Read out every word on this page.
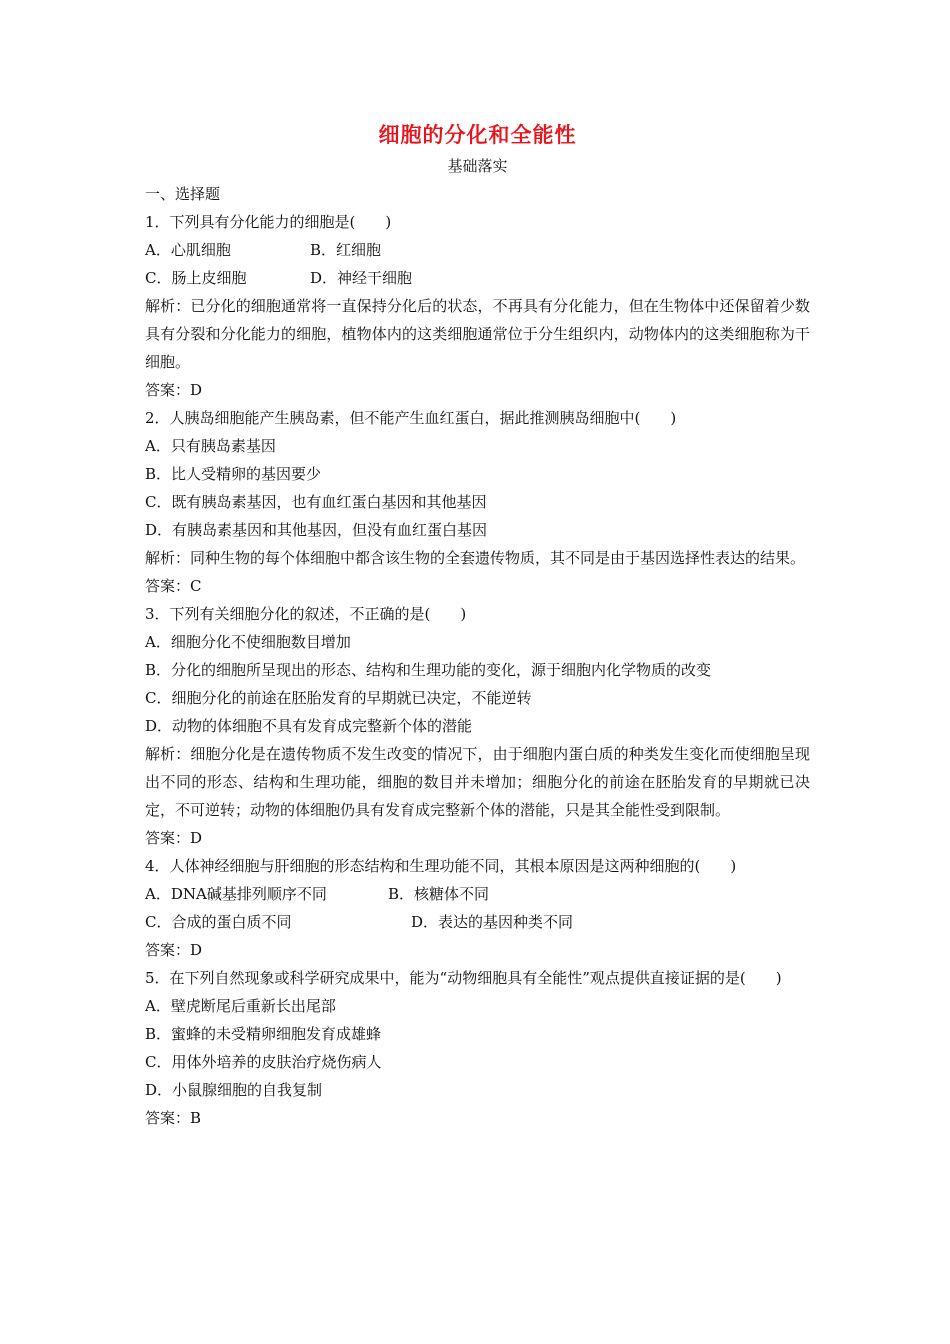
细胞的分化和全能性
基础落实
一、选择题
1．下列具有分化能力的细胞是(　　)
A．心肌细胞	B．红细胞
C．肠上皮细胞	D．神经干细胞

解析：已分化的细胞通常将一直保持分化后的状态，不再具有分化能力，但在生物体中还保留着少数具有分裂和分化能力的细胞，植物体内的这类细胞通常位于分生组织内，动物体内的这类细胞称为干细胞。

答案：D
2．人胰岛细胞能产生胰岛素，但不能产生血红蛋白，据此推测胰岛细胞中(　　)
A．只有胰岛素基因
B．比人受精卵的基因要少
C．既有胰岛素基因，也有血红蛋白基因和其他基因
D．有胰岛素基因和其他基因，但没有血红蛋白基因

解析：同种生物的每个体细胞中都含该生物的全套遗传物质，其不同是由于基因选择性表达的结果。

答案：C
3．下列有关细胞分化的叙述，不正确的是(　　)
A．细胞分化不使细胞数目增加
B．分化的细胞所呈现出的形态、结构和生理功能的变化，源于细胞内化学物质的改变
C．细胞分化的前途在胚胎发育的早期就已决定，不能逆转
D．动物的体细胞不具有发育成完整新个体的潜能

解析：细胞分化是在遗传物质不发生改变的情况下，由于细胞内蛋白质的种类发生变化而使细胞呈现出不同的形态、结构和生理功能，细胞的数目并未增加；细胞分化的前途在胚胎发育的早期就已决定，不可逆转；动物的体细胞仍具有发育成完整新个体的潜能，只是其全能性受到限制。

答案：D
4．人体神经细胞与肝细胞的形态结构和生理功能不同，其根本原因是这两种细胞的(　　)
A．DNA碱基排列顺序不同	B．核糖体不同
C．合成的蛋白质不同	D．表达的基因种类不同
答案：D

5．在下列自然现象或科学研究成果中，能为“动物细胞具有全能性”观点提供直接证据的是(　　)

A．壁虎断尾后重新长出尾部
B．蜜蜂的未受精卵细胞发育成雄蜂
C．用体外培养的皮肤治疗烧伤病人
D．小鼠腺细胞的自我复制
答案：B
